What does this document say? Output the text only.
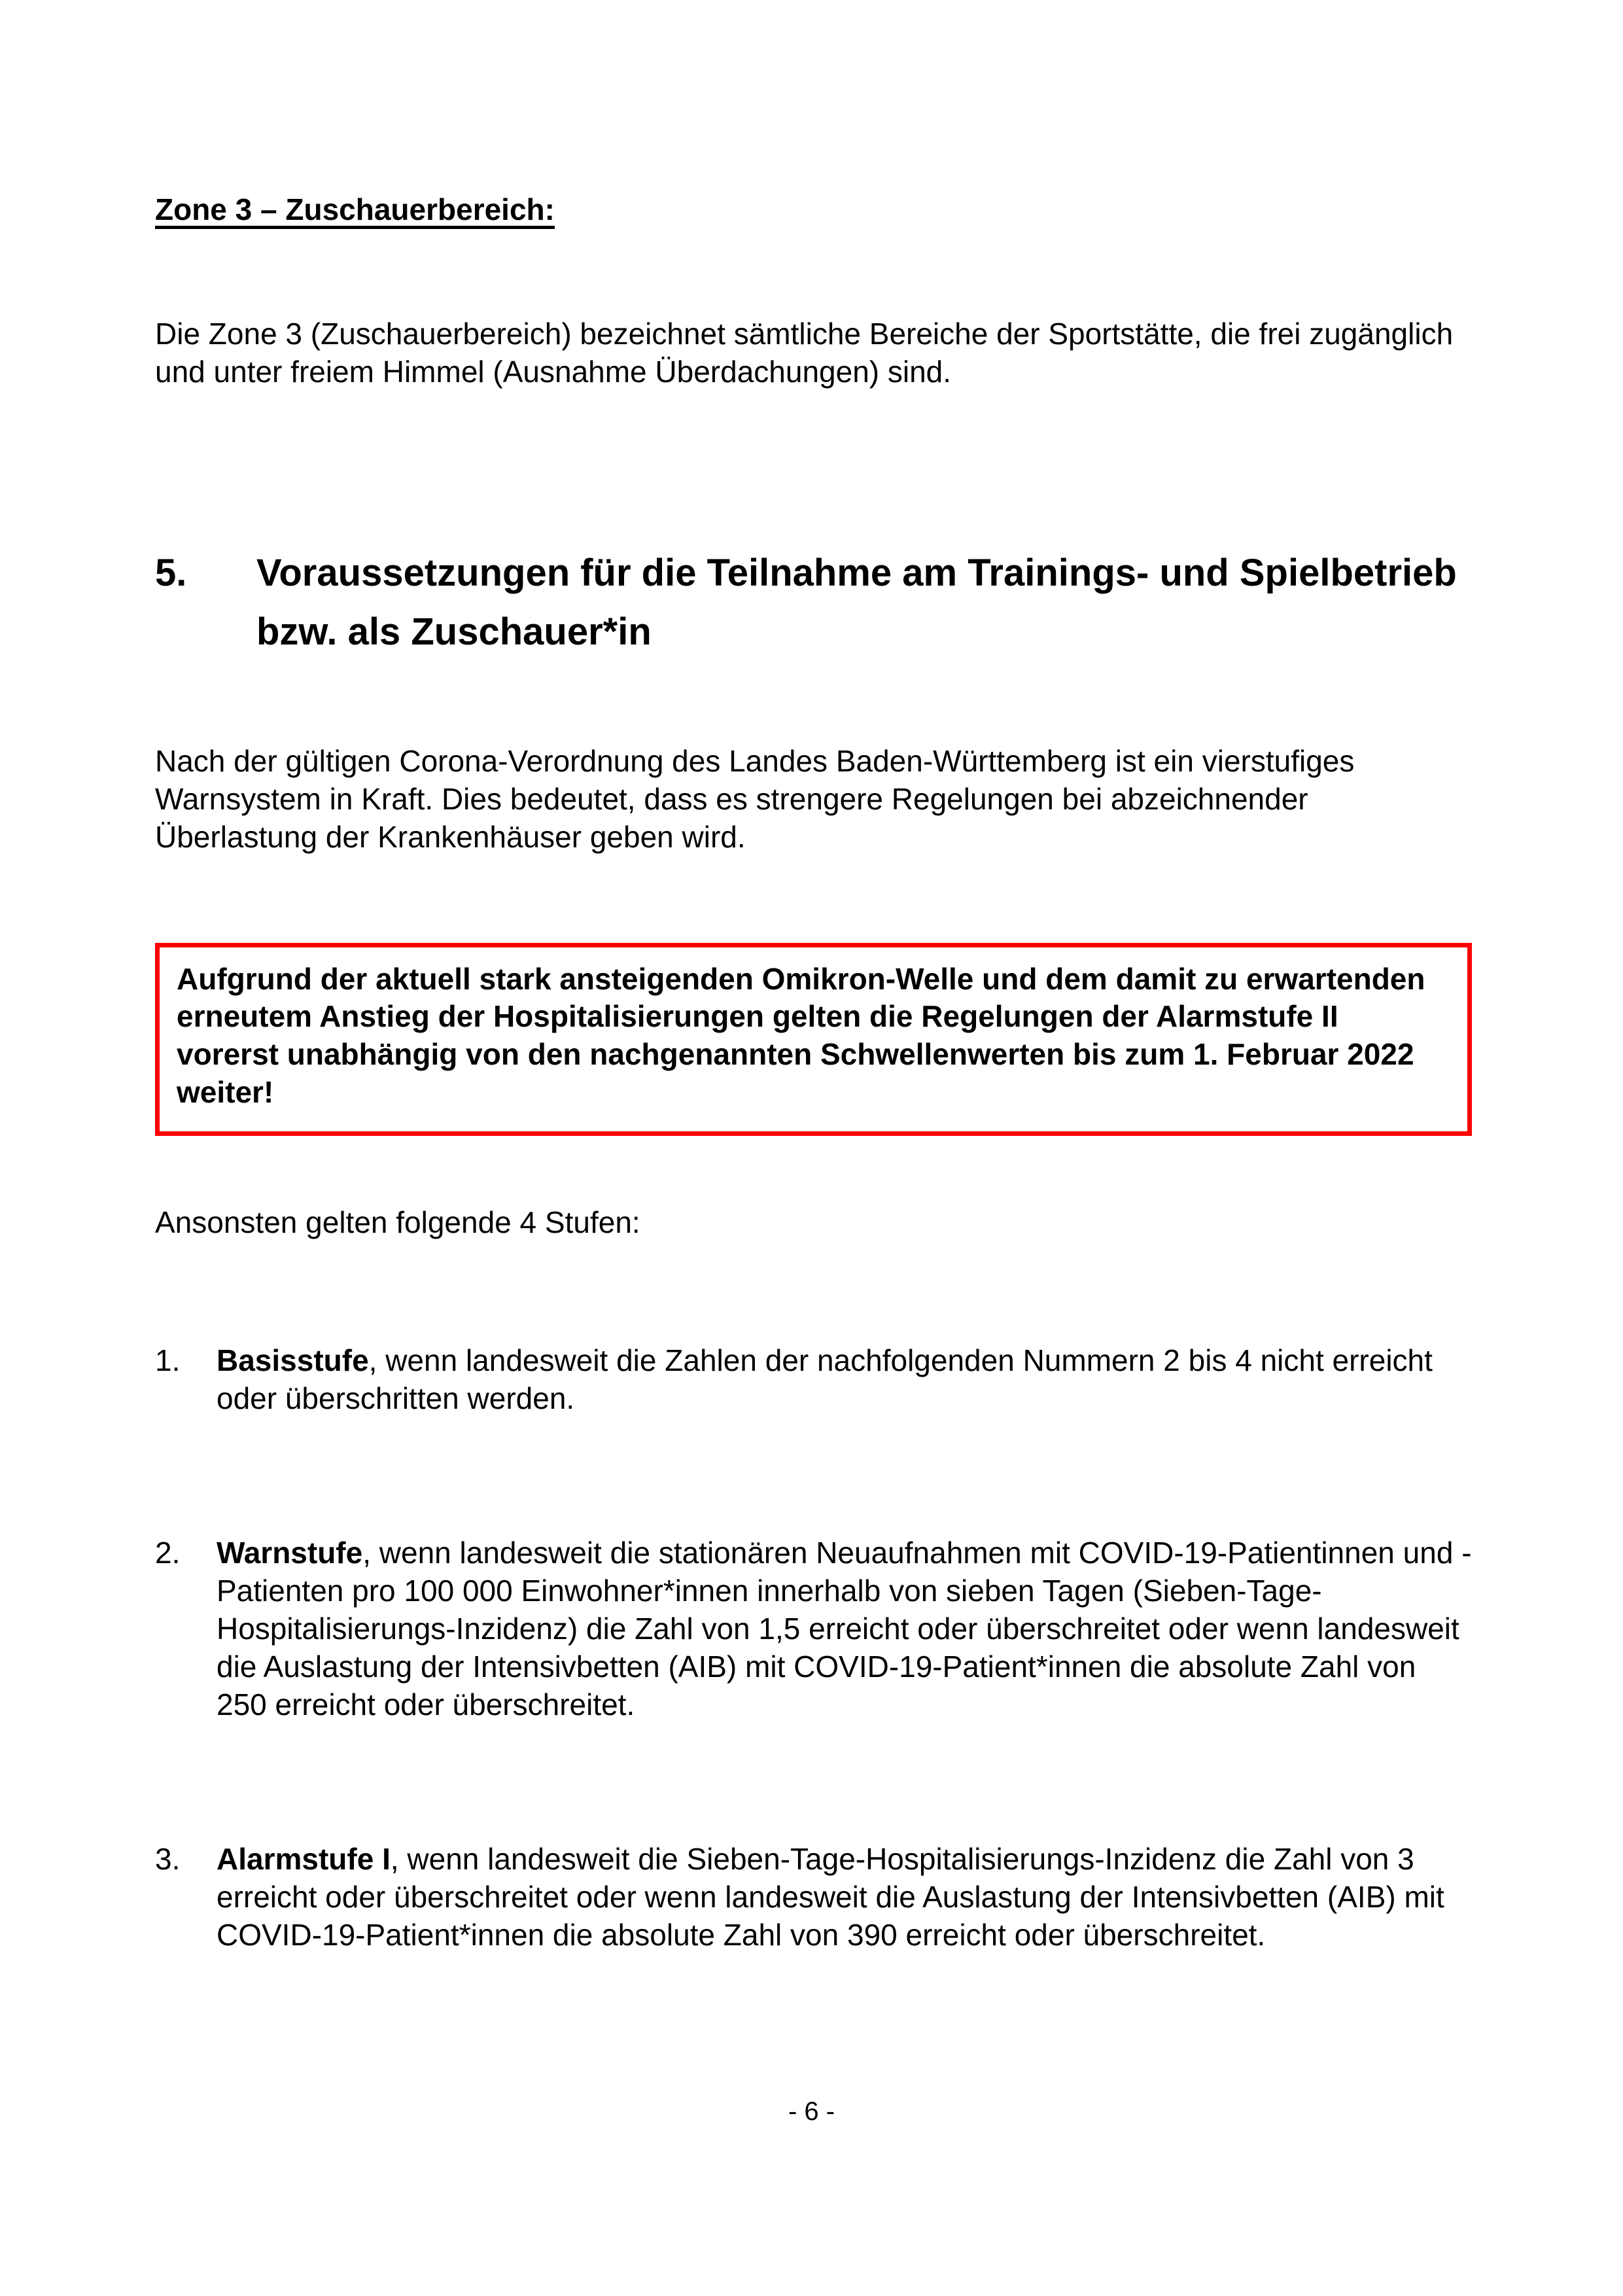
Zone 3 – Zuschauerbereich:

Die Zone 3 (Zuschauerbereich) bezeichnet sämtliche Bereiche der Sportstätte, die frei zugänglich und unter freiem Himmel (Ausnahme Überdachungen) sind.

5.	Voraussetzungen für die Teilnahme am Trainings- und Spielbetrieb bzw. als Zuschauer*in

Nach der gültigen Corona-Verordnung des Landes Baden-Württemberg ist ein vierstufiges Warnsystem in Kraft. Dies bedeutet, dass es strengere Regelungen bei abzeichnender Überlastung der Krankenhäuser geben wird.

Aufgrund der aktuell stark ansteigenden Omikron-Welle und dem damit zu erwartenden erneutem Anstieg der Hospitalisierungen gelten die Regelungen der Alarmstufe II vorerst unabhängig von den nachgenannten Schwellenwerten bis zum 1. Februar 2022 weiter!

Ansonsten gelten folgende 4 Stufen:

1.	Basisstufe, wenn landesweit die Zahlen der nachfolgenden Nummern 2 bis 4 nicht erreicht oder überschritten werden.
2.	Warnstufe, wenn landesweit die stationären Neuaufnahmen mit COVID-19-Patientinnen und -Patienten pro 100 000 Einwohner*innen innerhalb von sieben Tagen (Sieben-Tage-Hospitalisierungs-Inzidenz) die Zahl von 1,5 erreicht oder überschreitet oder wenn landesweit die Auslastung der Intensivbetten (AIB) mit COVID-19-Patient*innen die absolute Zahl von 250 erreicht oder überschreitet.
3.	Alarmstufe I, wenn landesweit die Sieben-Tage-Hospitalisierungs-Inzidenz die Zahl von 3 erreicht oder überschreitet oder wenn landesweit die Auslastung der Intensivbetten (AIB) mit COVID-19-Patient*innen die absolute Zahl von 390 erreicht oder überschreitet.
- 6 -
